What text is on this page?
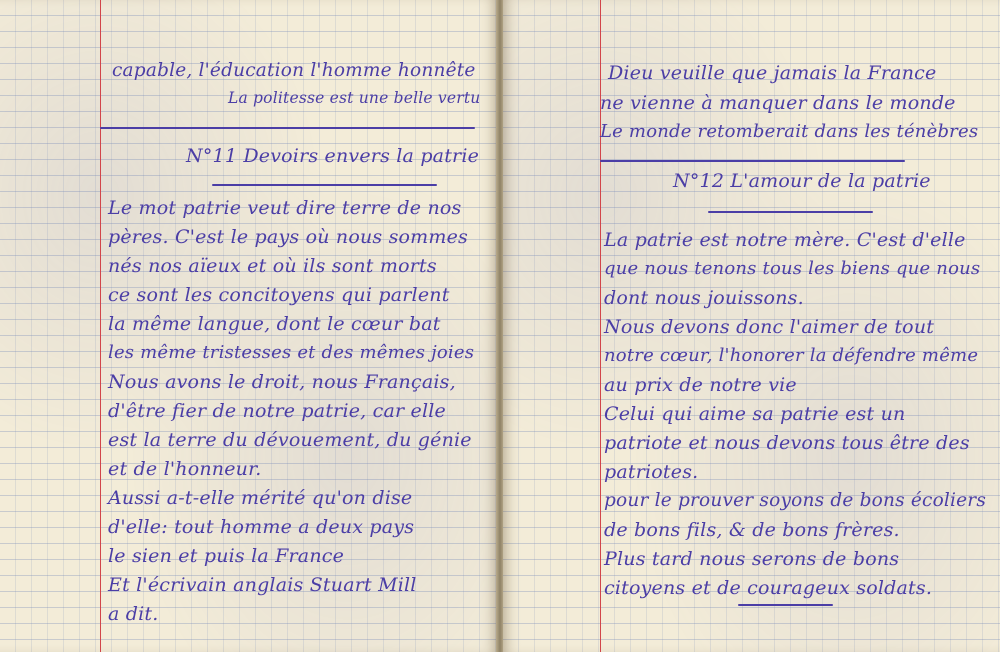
capable, l'éducation l'homme honnête
La politesse est une belle vertu
N°11 Devoirs envers la patrie
Le mot patrie veut dire terre de nos
pères. C'est le pays où nous sommes
nés nos aïeux et où ils sont morts
ce sont les concitoyens qui parlent
la même langue, dont le cœur bat
les même tristesses et des mêmes joies
Nous avons le droit, nous Français,
d'être fier de notre patrie, car elle
est la terre du dévouement, du génie
et de l'honneur.
Aussi a-t-elle mérité qu'on dise
d'elle: tout homme a deux pays
le sien et puis la France
Et l'écrivain anglais Stuart Mill
a dit.
Dieu veuille que jamais la France
ne vienne à manquer dans le monde
Le monde retomberait dans les ténèbres
N°12 L'amour de la patrie
La patrie est notre mère. C'est d'elle
que nous tenons tous les biens que nous
dont nous jouissons.
Nous devons donc l'aimer de tout
notre cœur, l'honorer la défendre même
au prix de notre vie
Celui qui aime sa patrie est un
patriote et nous devons tous être des
patriotes.
pour le prouver soyons de bons écoliers
de bons fils, & de bons frères.
Plus tard nous serons de bons
citoyens et de courageux soldats.
